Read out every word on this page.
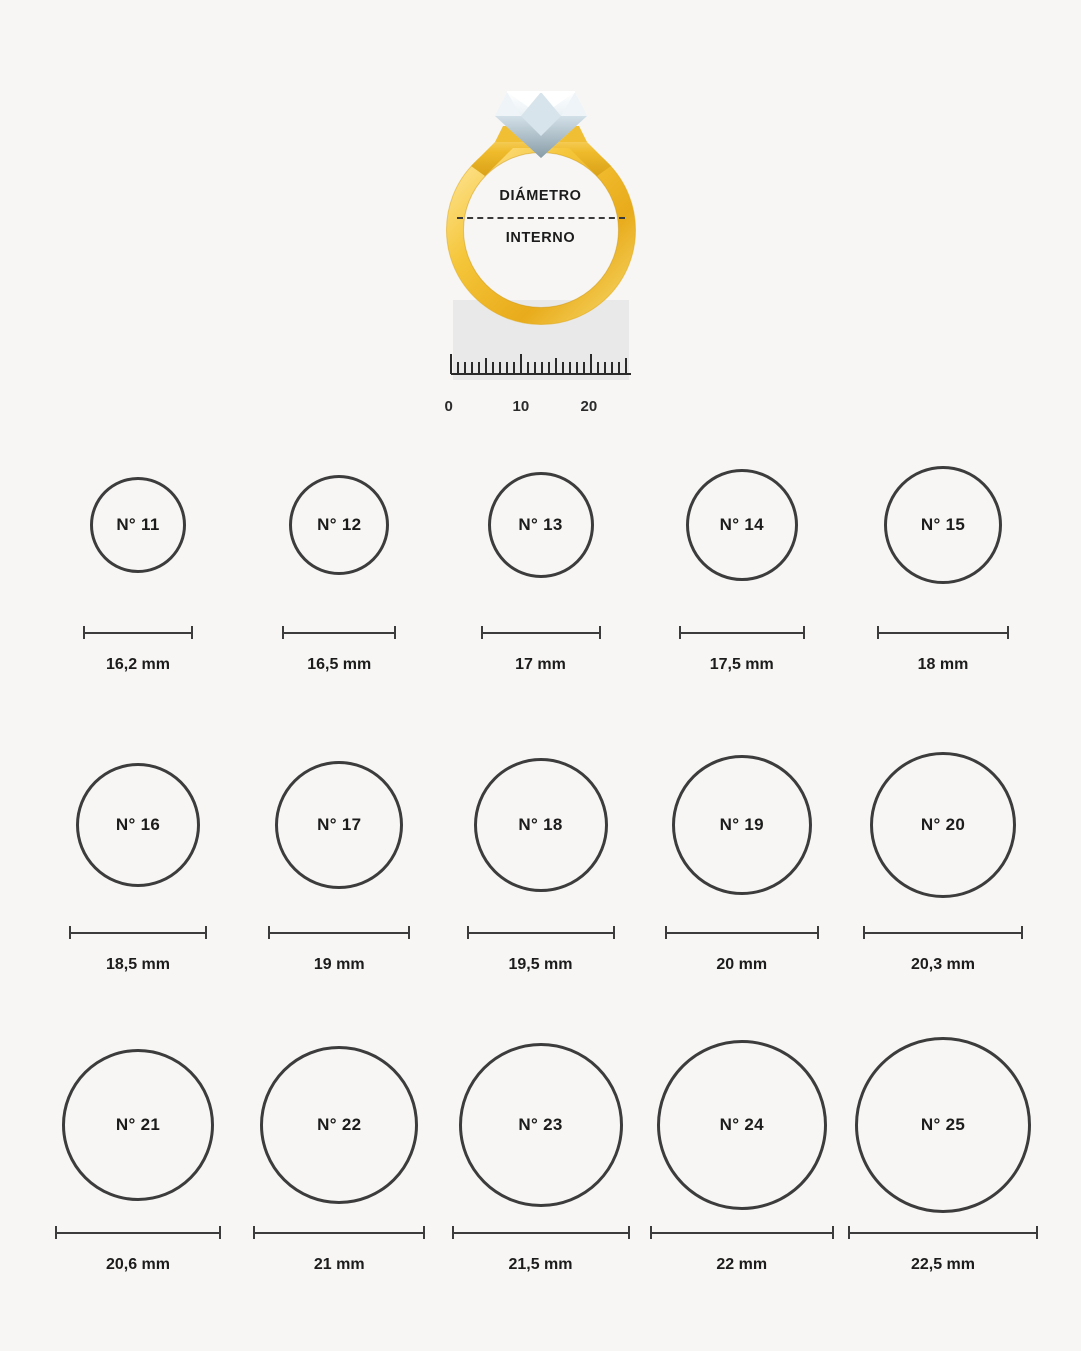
DIÁMETRO
INTERNO
0	10	20
N° 11
16,2 mm
N° 12
16,5 mm
N° 13
17 mm
N° 14
17,5 mm
N° 15
18 mm
N° 16
18,5 mm
N° 17
19 mm
N° 18
19,5 mm
N° 19
20 mm
N° 20
20,3 mm
N° 21
20,6 mm
N° 22
21 mm
N° 23
21,5 mm
N° 24
22 mm
N° 25
22,5 mm
